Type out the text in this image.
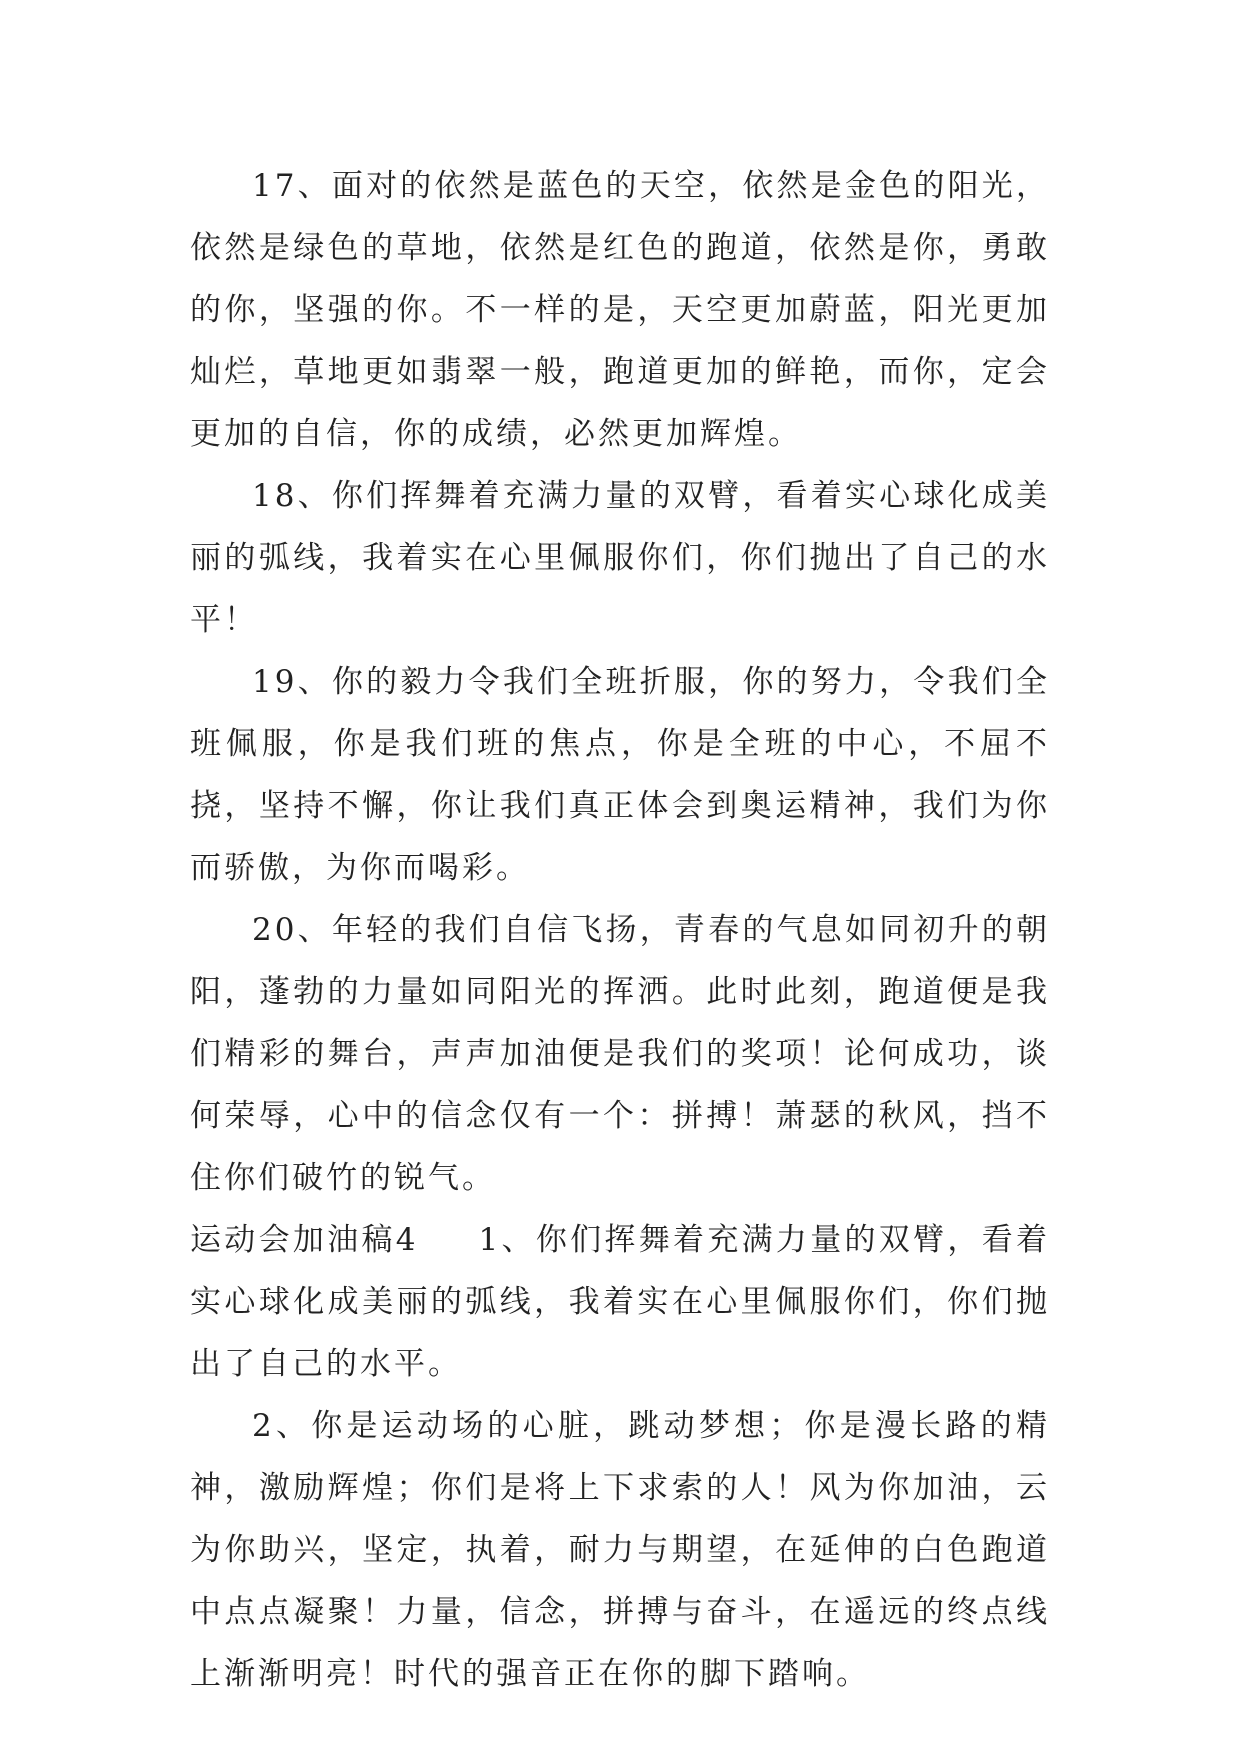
17、面对的依然是蓝色的天空，依然是金色的阳光，依然是绿色的草地，依然是红色的跑道，依然是你，勇敢的你，坚强的你。不一样的是，天空更加蔚蓝，阳光更加灿烂，草地更如翡翠一般，跑道更加的鲜艳，而你，定会更加的自信，你的成绩，必然更加辉煌。

18、你们挥舞着充满力量的双臂，看着实心球化成美丽的弧线，我着实在心里佩服你们，你们抛出了自己的水平！

19、你的毅力令我们全班折服，你的努力，令我们全班佩服，你是我们班的焦点，你是全班的中心，不屈不挠，坚持不懈，你让我们真正体会到奥运精神，我们为你而骄傲，为你而喝彩。

20、年轻的我们自信飞扬，青春的气息如同初升的朝阳，蓬勃的力量如同阳光的挥洒。此时此刻，跑道便是我们精彩的舞台，声声加油便是我们的奖项！论何成功，谈何荣辱，心中的信念仅有一个：拼搏！萧瑟的秋风，挡不住你们破竹的锐气。

运动会加油稿4 1、你们挥舞着充满力量的双臂，看着实心球化成美丽的弧线，我着实在心里佩服你们，你们抛出了自己的水平。

2、你是运动场的心脏，跳动梦想；你是漫长路的精神，激励辉煌；你们是将上下求索的人！风为你加油，云为你助兴，坚定，执着，耐力与期望，在延伸的白色跑道中点点凝聚！力量，信念，拼搏与奋斗，在遥远的终点线上渐渐明亮！时代的强音正在你的脚下踏响。
